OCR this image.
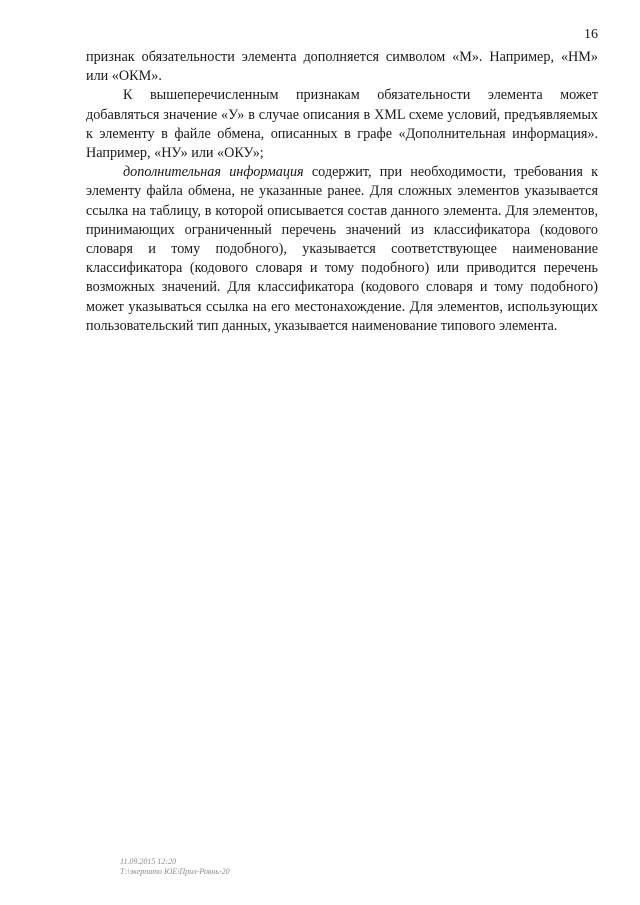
16

признак обязательности элемента дополняется символом «М». Например, «НМ» или «ОКМ».

К вышеперечисленным признакам обязательности элемента может добавляться значение «У» в случае описания в XML схеме условий, предъявляемых к элементу в файле обмена, описанных в графе «Дополнительная информация». Например, «НУ» или «ОКУ»;

дополнительная информация содержит, при необходимости, требования к элементу файла обмена, не указанные ранее. Для сложных элементов указывается ссылка на таблицу, в которой описывается состав данного элемента. Для элементов, принимающих ограниченный перечень значений из классификатора (кодового словаря и тому подобного), указывается соответствующее наименование классификатора (кодового словаря и тому подобного) или приводится перечень возможных значений. Для классификатора (кодового словаря и тому подобного) может указываться ссылка на его местонахождение. Для элементов, использующих пользовательский тип данных, указывается наименование типового элемента.

11.09.2015 12:20
Т:\экерпито ЮЕ\Прил-Ровнь-20
